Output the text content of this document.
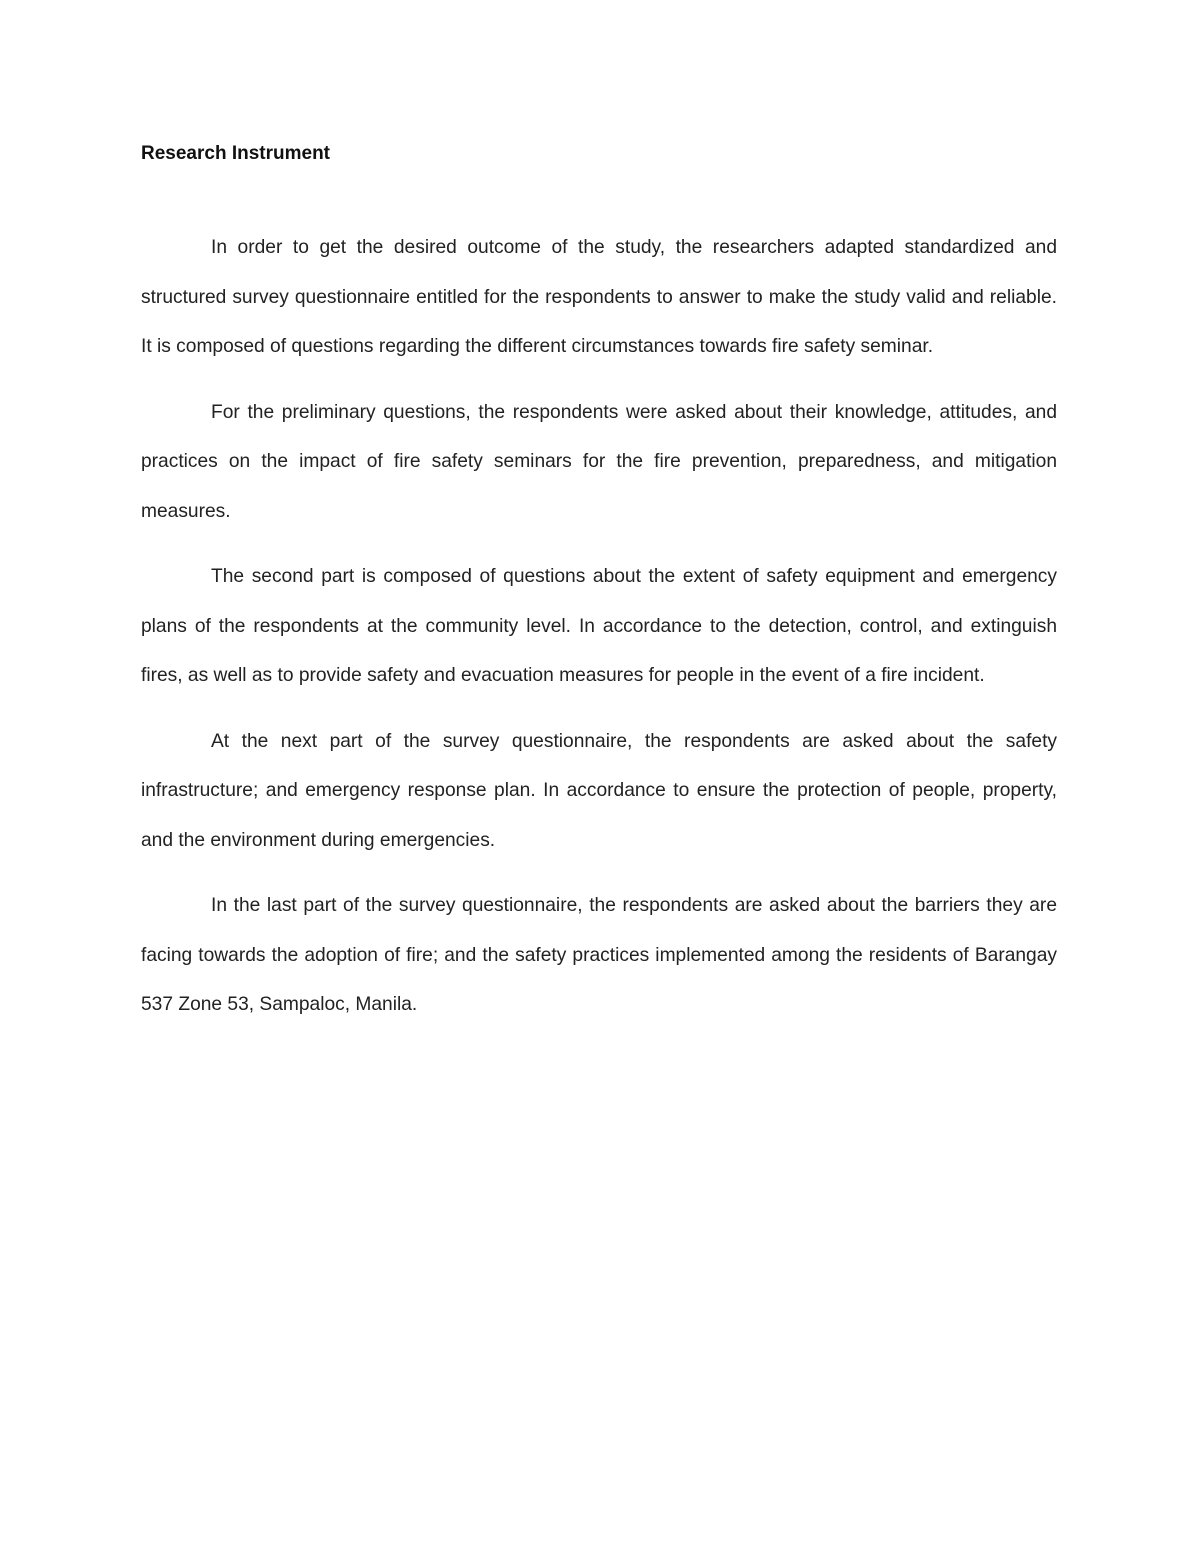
Research Instrument

In order to get the desired outcome of the study, the researchers adapted standardized and structured survey questionnaire entitled for the respondents to answer to make the study valid and reliable. It is composed of questions regarding the different circumstances towards fire safety seminar.

For the preliminary questions, the respondents were asked about their knowledge, attitudes, and practices on the impact of fire safety seminars for the fire prevention, preparedness, and mitigation measures.

The second part is composed of questions about the extent of safety equipment and emergency plans of the respondents at the community level. In accordance to the detection, control, and extinguish fires, as well as to provide safety and evacuation measures for people in the event of a fire incident.

At the next part of the survey questionnaire, the respondents are asked about the safety infrastructure; and emergency response plan. In accordance to ensure the protection of people, property, and the environment during emergencies.

In the last part of the survey questionnaire, the respondents are asked about the barriers they are facing towards the adoption of fire; and the safety practices implemented among the residents of Barangay 537 Zone 53, Sampaloc, Manila.
